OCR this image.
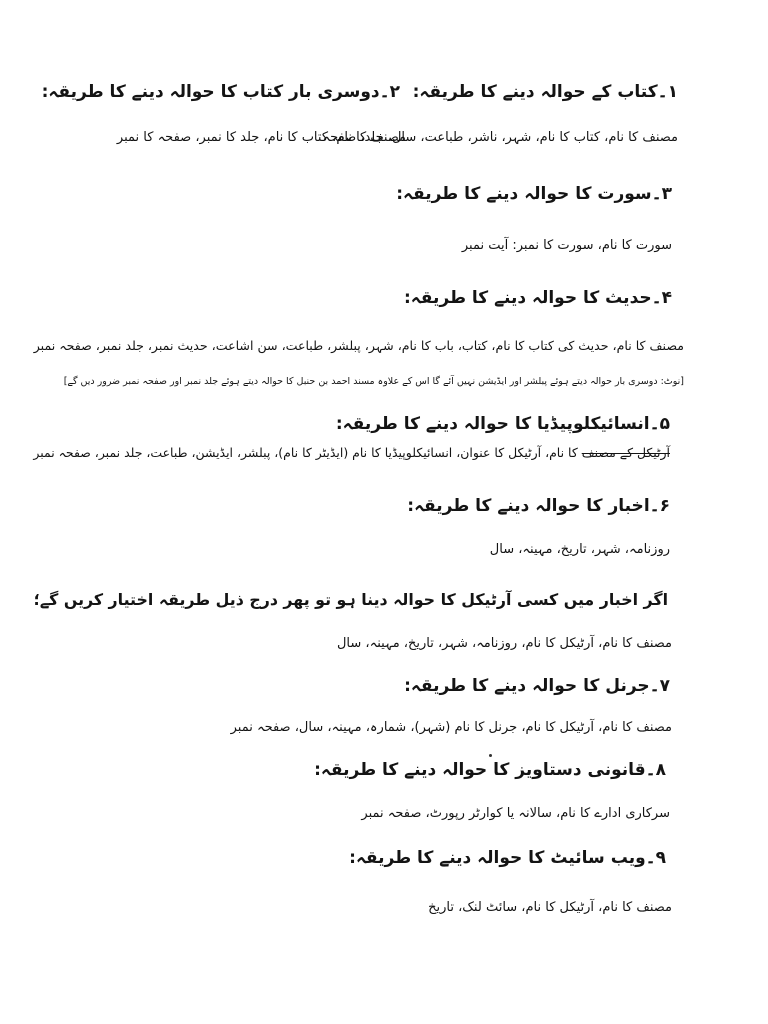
۱۔کتاب کے حوالہ دینے کا طریقہ:
۲۔دوسری بار کتاب کا حوالہ دینے کا طریقہ:
مصنف کا نام، کتاب کا نام، شہر، ناشر، طباعت، سال، جلد، صفحہ
مصنف کا نام، کتاب کا نام، جلد کا نمبر، صفحہ کا نمبر
۳۔سورت کا حوالہ دینے کا طریقہ:
سورت کا نام، سورت کا نمبر: آیت نمبر
۴۔حدیث کا حوالہ دینے کا طریقہ:
مصنف کا نام، حدیث کی کتاب کا نام، کتاب، باب کا نام، شہر، پبلشر، طباعت، سن اشاعت، حدیث نمبر، جلد نمبر، صفحہ نمبر
[نوٹ: دوسری بار حوالہ دیتے ہوئے پبلشر اور ایڈیشن نہیں آئے گا اس کے علاوہ مسند احمد بن حنبل کا حوالہ دیتے ہوئے جلد نمبر اور صفحہ نمبر ضرور دیں گے]
۵۔انسائیکلوپیڈیا کا حوالہ دینے کا طریقہ:
آرٹیکل کے مصنف کا نام، آرٹیکل کا عنوان، انسائیکلوپیڈیا کا نام (ایڈیٹر کا نام)، پبلشر، ایڈیشن، طباعت، جلد نمبر، صفحہ نمبر
۶۔اخبار کا حوالہ دینے کا طریقہ:
روزنامہ، شہر، تاریخ، مہینہ، سال
اگر اخبار میں کسی آرٹیکل کا حوالہ دینا ہو تو پھر درج ذیل طریقہ اختیار کریں گے؛
مصنف کا نام، آرٹیکل کا نام، روزنامہ، شہر، تاریخ، مہینہ، سال
۷۔جرنل کا حوالہ دینے کا طریقہ:
مصنف کا نام، آرٹیکل کا نام، جرنل کا نام (شہر)، شمارہ، مہینہ، سال، صفحہ نمبر
۸۔قانونی دستاویز کا حوالہ دینے کا طریقہ:
سرکاری ادارے کا نام، سالانہ یا کوارٹر رپورٹ، صفحہ نمبر
۹۔ویب سائیٹ کا حوالہ دینے کا طریقہ:
مصنف کا نام، آرٹیکل کا نام، سائٹ لنک، تاریخ
